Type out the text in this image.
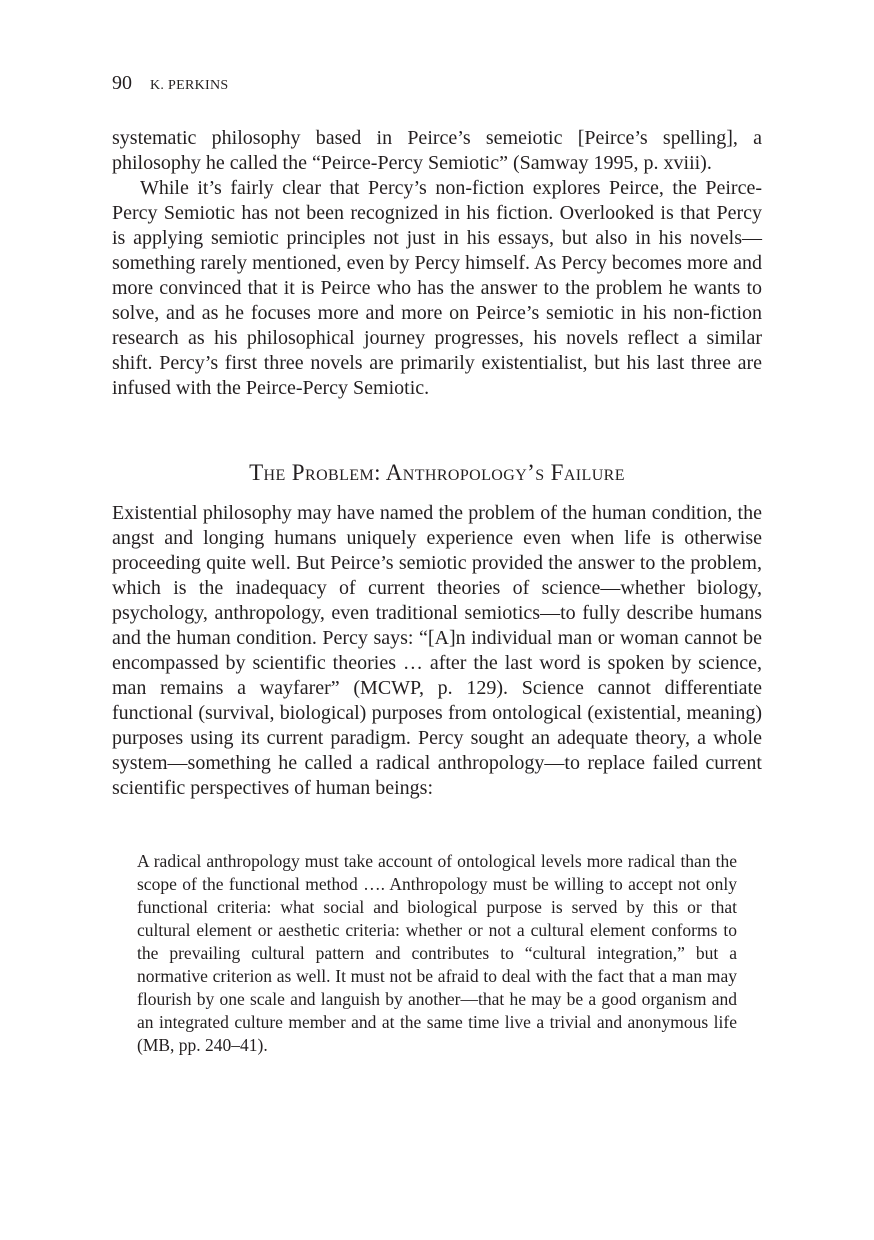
90 K. PERKINS

systematic philosophy based in Peirce’s semeiotic [Peirce’s spelling], a philosophy he called the “Peirce-Percy Semiotic” (Samway 1995, p. xviii).

While it’s fairly clear that Percy’s non-fiction explores Peirce, the Peirce-Percy Semiotic has not been recognized in his fiction. Overlooked is that Percy is applying semiotic principles not just in his essays, but also in his novels—something rarely mentioned, even by Percy himself. As Percy becomes more and more convinced that it is Peirce who has the answer to the problem he wants to solve, and as he focuses more and more on Peirce’s semiotic in his non-fiction research as his philosophical journey progresses, his novels reflect a similar shift. Percy’s first three novels are primarily existentialist, but his last three are infused with the Peirce-Percy Semiotic.

The Problem: Anthropology’s Failure

Existential philosophy may have named the problem of the human condition, the angst and longing humans uniquely experience even when life is otherwise proceeding quite well. But Peirce’s semiotic provided the answer to the problem, which is the inadequacy of current theories of science—whether biology, psychology, anthropology, even traditional semiotics—to fully describe humans and the human condition. Percy says: “[A]n individual man or woman cannot be encompassed by scientific theories … after the last word is spoken by science, man remains a wayfarer” (MCWP, p. 129). Science cannot differentiate functional (survival, biological) purposes from ontological (existential, meaning) purposes using its current paradigm. Percy sought an adequate theory, a whole system—something he called a radical anthropology—to replace failed current scientific perspectives of human beings:

A radical anthropology must take account of ontological levels more radical than the scope of the functional method …. Anthropology must be willing to accept not only functional criteria: what social and biological purpose is served by this or that cultural element or aesthetic criteria: whether or not a cultural element conforms to the prevailing cultural pattern and contributes to “cultural integration,” but a normative criterion as well. It must not be afraid to deal with the fact that a man may flourish by one scale and languish by another—that he may be a good organism and an integrated culture member and at the same time live a trivial and anonymous life (MB, pp. 240–41).
